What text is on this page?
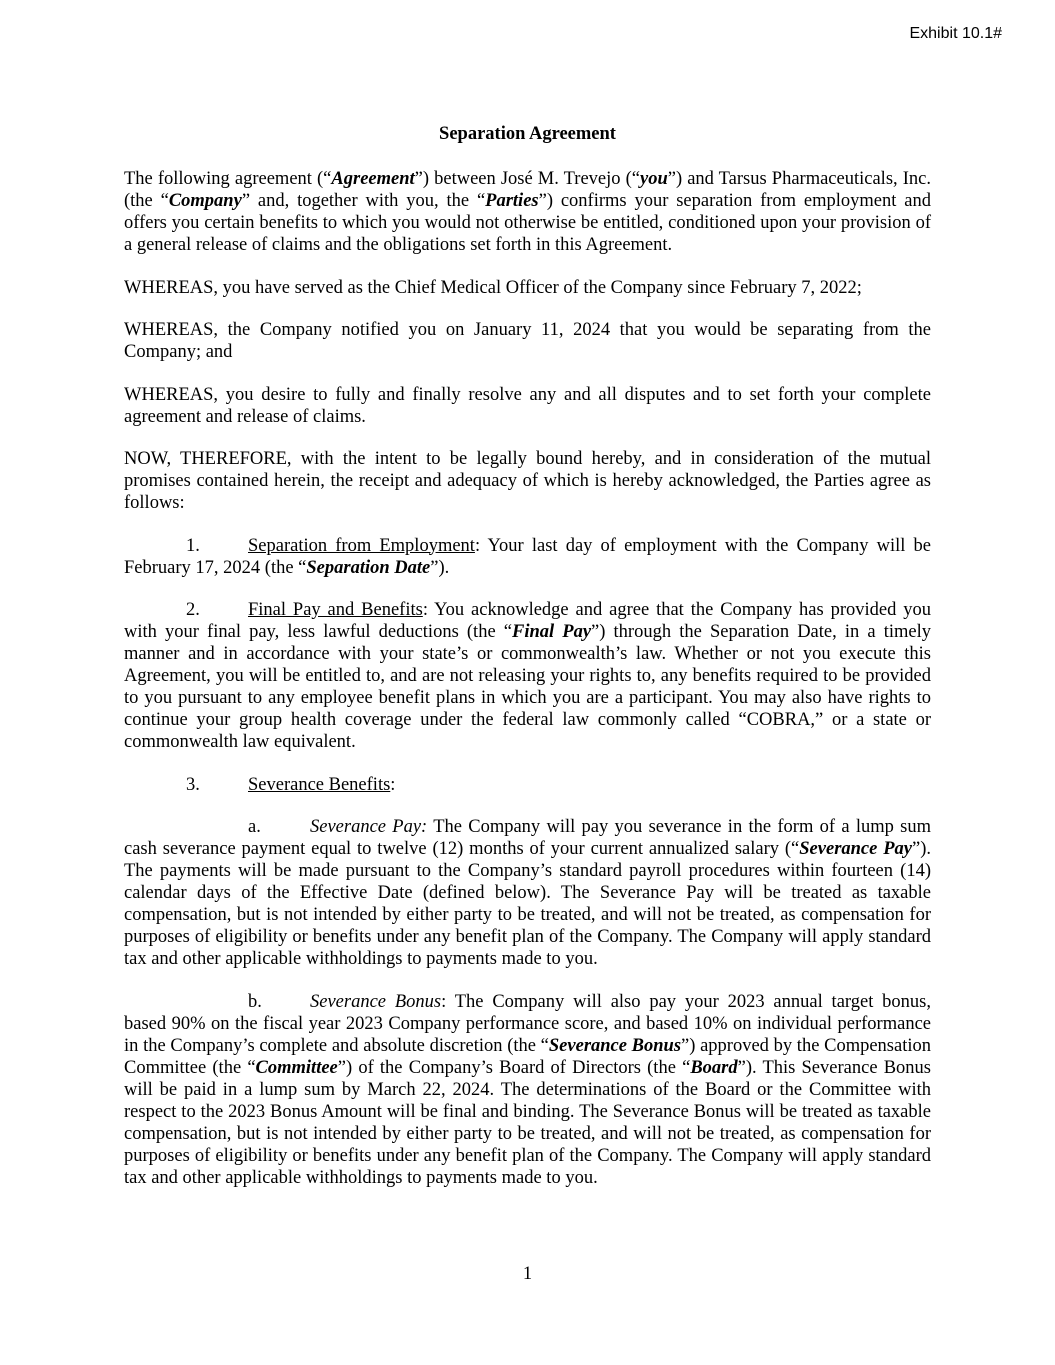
Exhibit 10.1#
Separation Agreement

The following agreement (“Agreement”) between José M. Trevejo (“you”) and Tarsus Pharmaceuticals, Inc. (the “Company” and, together with you, the “Parties”) confirms your separation from employment and offers you certain benefits to which you would not otherwise be entitled, conditioned upon your provision of a general release of claims and the obligations set forth in this Agreement.

WHEREAS, you have served as the Chief Medical Officer of the Company since February 7, 2022;

WHEREAS, the Company notified you on January 11, 2024 that you would be separating from the Company; and

WHEREAS, you desire to fully and finally resolve any and all disputes and to set forth your complete agreement and release of claims.

NOW, THEREFORE, with the intent to be legally bound hereby, and in consideration of the mutual promises contained herein, the receipt and adequacy of which is hereby acknowledged, the Parties agree as follows:

1.	Separation from Employment: Your last day of employment with the Company will be February 17, 2024 (the “Separation Date”).

2.	Final Pay and Benefits: You acknowledge and agree that the Company has provided you with your final pay, less lawful deductions (the “Final Pay”) through the Separation Date, in a timely manner and in accordance with your state’s or commonwealth’s law. Whether or not you execute this Agreement, you will be entitled to, and are not releasing your rights to, any benefits required to be provided to you pursuant to any employee benefit plans in which you are a participant. You may also have rights to continue your group health coverage under the federal law commonly called “COBRA,” or a state or commonwealth law equivalent.

3.	Severance Benefits:

a.	Severance Pay: The Company will pay you severance in the form of a lump sum cash severance payment equal to twelve (12) months of your current annualized salary (“Severance Pay”). The payments will be made pursuant to the Company’s standard payroll procedures within fourteen (14) calendar days of the Effective Date (defined below). The Severance Pay will be treated as taxable compensation, but is not intended by either party to be treated, and will not be treated, as compensation for purposes of eligibility or benefits under any benefit plan of the Company. The Company will apply standard tax and other applicable withholdings to payments made to you.

b.	Severance Bonus: The Company will also pay your 2023 annual target bonus, based 90% on the fiscal year 2023 Company performance score, and based 10% on individual performance in the Company’s complete and absolute discretion (the “Severance Bonus”) approved by the Compensation Committee (the “Committee”) of the Company’s Board of Directors (the “Board”). This Severance Bonus will be paid in a lump sum by March 22, 2024. The determinations of the Board or the Committee with respect to the 2023 Bonus Amount will be final and binding. The Severance Bonus will be treated as taxable compensation, but is not intended by either party to be treated, and will not be treated, as compensation for purposes of eligibility or benefits under any benefit plan of the Company. The Company will apply standard tax and other applicable withholdings to payments made to you.

1
